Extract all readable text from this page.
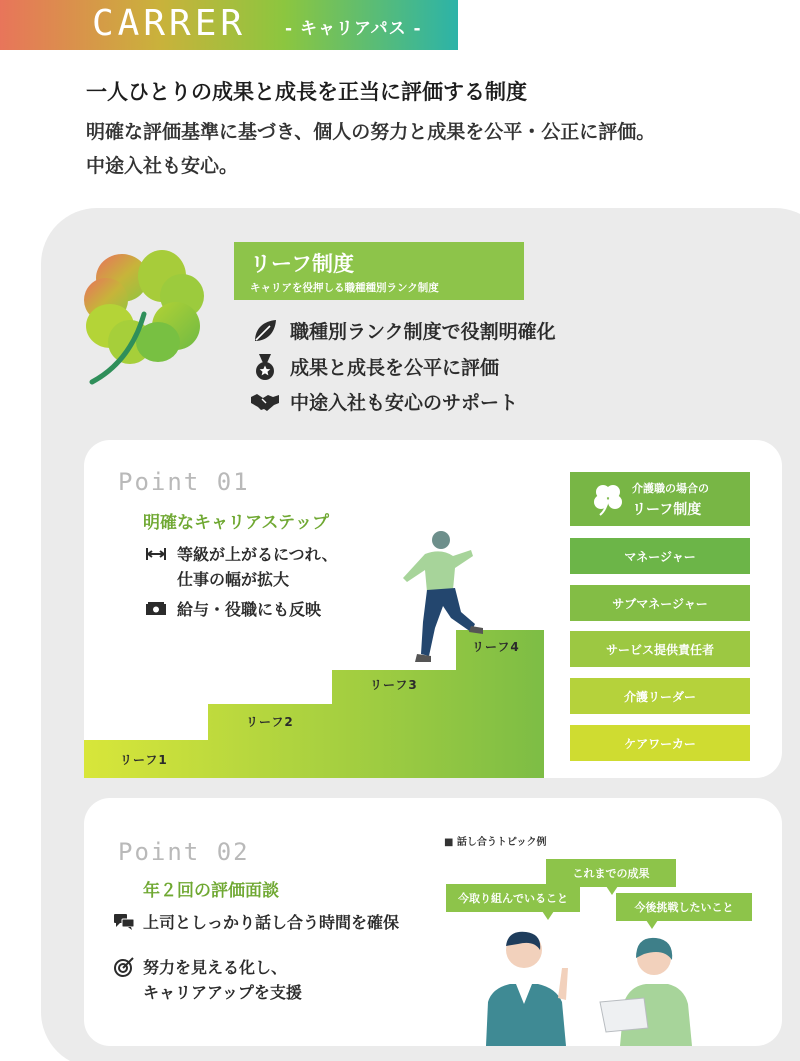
CARRER - キャリアパス -
一人ひとりの成果と成長を正当に評価する制度
明確な評価基準に基づき、個人の努力と成果を公平・公正に評価。
中途入社も安心。
リーフ制度
キャリアを役押しる職種種別ランク制度
職種別ランク制度で役割明確化
成果と成長を公平に評価
中途入社も安心のサポート
Point 01
明確なキャリアステップ
等級が上がるにつれ、
仕事の幅が拡大
給与・役職にも反映
リーフ1
リーフ2
リーフ3
リーフ4
介護職の場合の
リーフ制度
マネージャー
サブマネージャー
サービス提供責任者
介護リーダー
ケアワーカー
Point 02
年２回の評価面談
上司としっかり話し合う時間を確保
努力を見える化し、
キャリアアップを支援
■ 話し合うトピック例
これまでの成果
今取り組んでいること
今後挑戦したいこと
